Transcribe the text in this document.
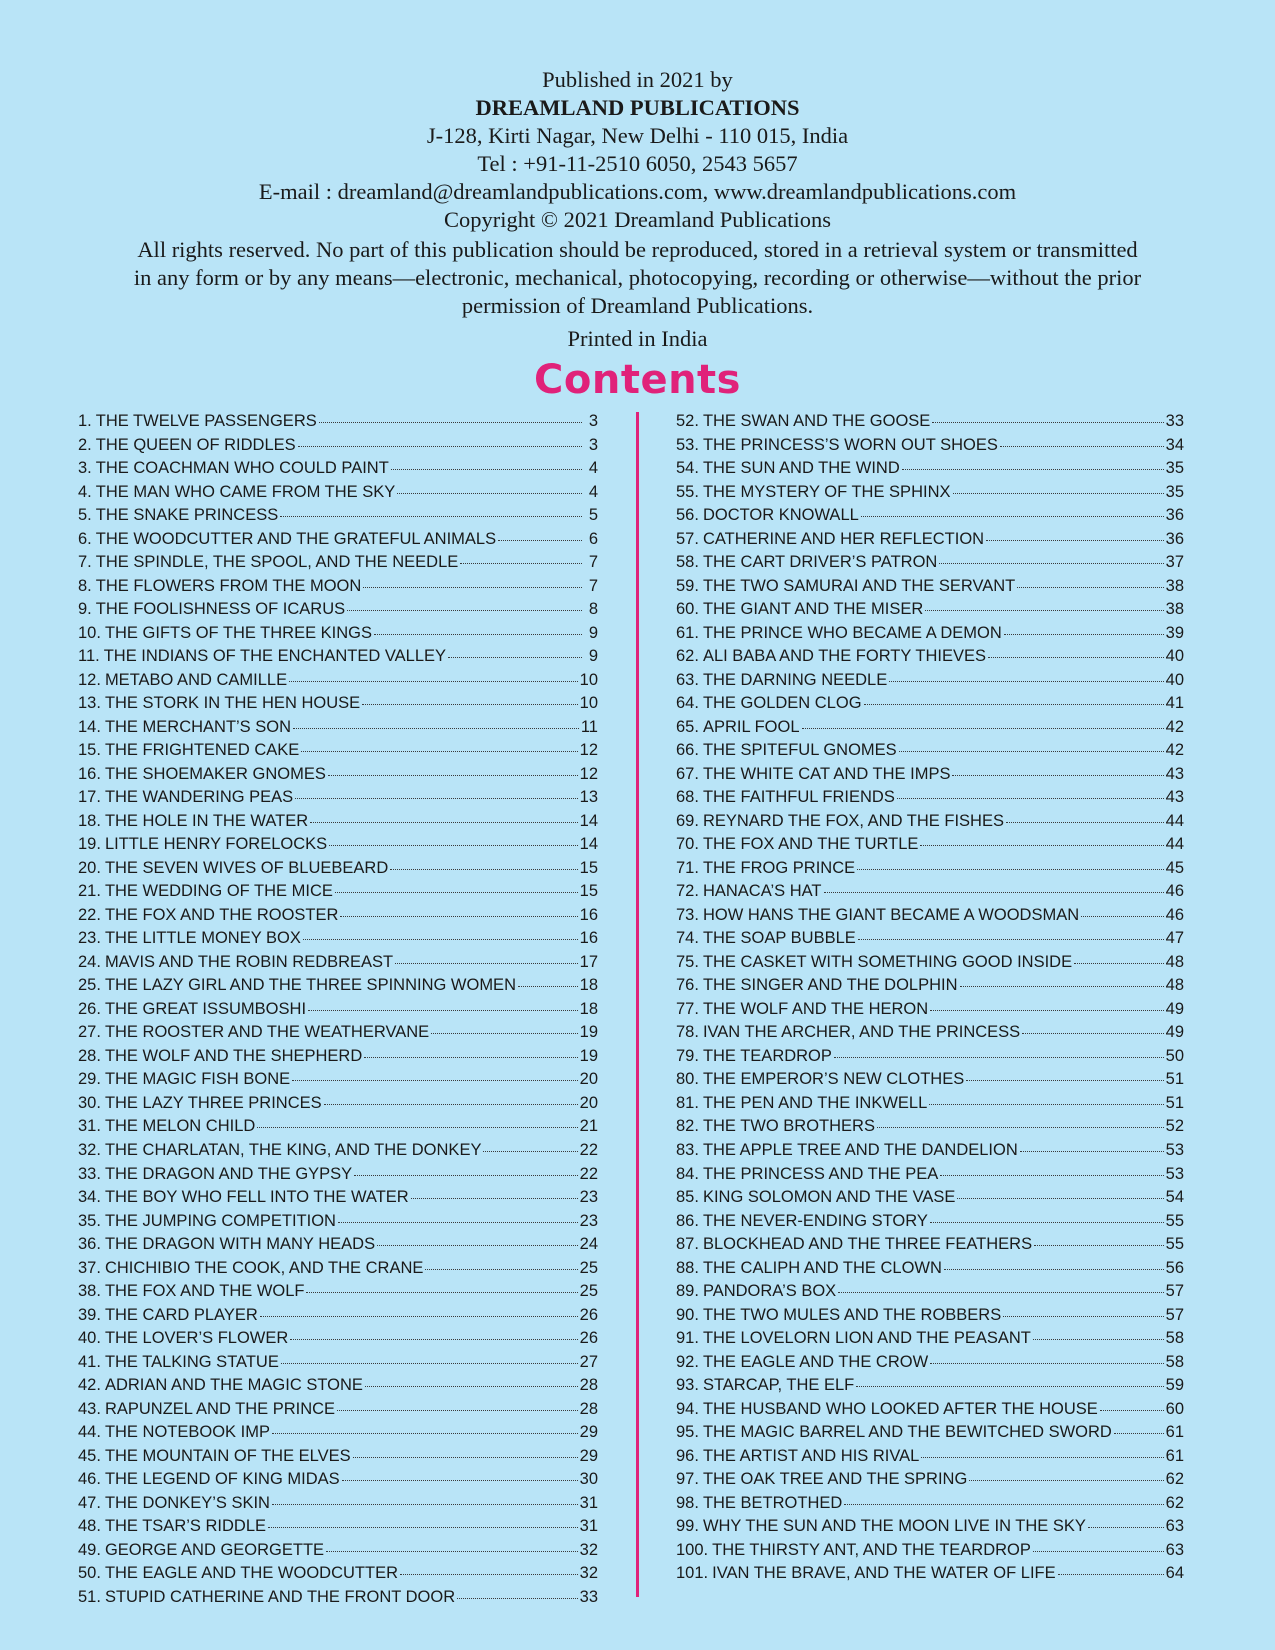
Published in 2021 by
DREAMLAND PUBLICATIONS
J-128, Kirti Nagar, New Delhi - 110 015, India
Tel : +91-11-2510 6050, 2543 5657
E-mail : dreamland@dreamlandpublications.com, www.dreamlandpublications.com
Copyright © 2021 Dreamland Publications
All rights reserved. No part of this publication should be reproduced, stored in a retrieval system or transmitted
in any form or by any means—electronic, mechanical, photocopying, recording or otherwise—without the prior
permission of Dreamland Publications.
Printed in India
Contents
1. THE TWELVE PASSENGERS	3
2. THE QUEEN OF RIDDLES	3
3. THE COACHMAN WHO COULD PAINT	4
4. THE MAN WHO CAME FROM THE SKY	4
5. THE SNAKE PRINCESS	5
6. THE WOODCUTTER AND THE GRATEFUL ANIMALS	6
7. THE SPINDLE, THE SPOOL, AND THE NEEDLE	7
8. THE FLOWERS FROM THE MOON	7
9. THE FOOLISHNESS OF ICARUS	8
10. THE GIFTS OF THE THREE KINGS	9
11. THE INDIANS OF THE ENCHANTED VALLEY	9
12. METABO AND CAMILLE	10
13. THE STORK IN THE HEN HOUSE	10
14. THE MERCHANT’S SON	11
15. THE FRIGHTENED CAKE	12
16. THE SHOEMAKER GNOMES	12
17. THE WANDERING PEAS	13
18. THE HOLE IN THE WATER	14
19. LITTLE HENRY FORELOCKS	14
20. THE SEVEN WIVES OF BLUEBEARD	15
21. THE WEDDING OF THE MICE	15
22. THE FOX AND THE ROOSTER	16
23. THE LITTLE MONEY BOX	16
24. MAVIS AND THE ROBIN REDBREAST	17
25. THE LAZY GIRL AND THE THREE SPINNING WOMEN	18
26. THE GREAT ISSUMBOSHI	18
27. THE ROOSTER AND THE WEATHERVANE	19
28. THE WOLF AND THE SHEPHERD	19
29. THE MAGIC FISH BONE	20
30. THE LAZY THREE PRINCES	20
31. THE MELON CHILD	21
32. THE CHARLATAN, THE KING, AND THE DONKEY	22
33. THE DRAGON AND THE GYPSY	22
34. THE BOY WHO FELL INTO THE WATER	23
35. THE JUMPING COMPETITION	23
36. THE DRAGON WITH MANY HEADS	24
37. CHICHIBIO THE COOK, AND THE CRANE	25
38. THE FOX AND THE WOLF	25
39. THE CARD PLAYER	26
40. THE LOVER’S FLOWER	26
41. THE TALKING STATUE	27
42. ADRIAN AND THE MAGIC STONE	28
43. RAPUNZEL AND THE PRINCE	28
44. THE NOTEBOOK IMP	29
45. THE MOUNTAIN OF THE ELVES	29
46. THE LEGEND OF KING MIDAS	30
47. THE DONKEY’S SKIN	31
48. THE TSAR’S RIDDLE	31
49. GEORGE AND GEORGETTE	32
50. THE EAGLE AND THE WOODCUTTER	32
51. STUPID CATHERINE AND THE FRONT DOOR	33
52. THE SWAN AND THE GOOSE	33
53. THE PRINCESS’S WORN OUT SHOES	34
54. THE SUN AND THE WIND	35
55. THE MYSTERY OF THE SPHINX	35
56. DOCTOR KNOWALL	36
57. CATHERINE AND HER REFLECTION	36
58. THE CART DRIVER’S PATRON	37
59. THE TWO SAMURAI AND THE SERVANT	38
60. THE GIANT AND THE MISER	38
61. THE PRINCE WHO BECAME A DEMON	39
62. ALI BABA AND THE FORTY THIEVES	40
63. THE DARNING NEEDLE	40
64. THE GOLDEN CLOG	41
65. APRIL FOOL	42
66. THE SPITEFUL GNOMES	42
67. THE WHITE CAT AND THE IMPS	43
68. THE FAITHFUL FRIENDS	43
69. REYNARD THE FOX, AND THE FISHES	44
70. THE FOX AND THE TURTLE	44
71. THE FROG PRINCE	45
72. HANACA’S HAT	46
73. HOW HANS THE GIANT BECAME A WOODSMAN	46
74. THE SOAP BUBBLE	47
75. THE CASKET WITH SOMETHING GOOD INSIDE	48
76. THE SINGER AND THE DOLPHIN	48
77. THE WOLF AND THE HERON	49
78. IVAN THE ARCHER, AND THE PRINCESS	49
79. THE TEARDROP	50
80. THE EMPEROR’S NEW CLOTHES	51
81. THE PEN AND THE INKWELL	51
82. THE TWO BROTHERS	52
83. THE APPLE TREE AND THE DANDELION	53
84. THE PRINCESS AND THE PEA	53
85. KING SOLOMON AND THE VASE	54
86. THE NEVER-ENDING STORY	55
87. BLOCKHEAD AND THE THREE FEATHERS	55
88. THE CALIPH AND THE CLOWN	56
89. PANDORA’S BOX	57
90. THE TWO MULES AND THE ROBBERS	57
91. THE LOVELORN LION AND THE PEASANT	58
92. THE EAGLE AND THE CROW	58
93. STARCAP, THE ELF	59
94. THE HUSBAND WHO LOOKED AFTER THE HOUSE	60
95. THE MAGIC BARREL AND THE BEWITCHED SWORD	61
96. THE ARTIST AND HIS RIVAL	61
97. THE OAK TREE AND THE SPRING	62
98. THE BETROTHED	62
99. WHY THE SUN AND THE MOON LIVE IN THE SKY	63
100. THE THIRSTY ANT, AND THE TEARDROP	63
101. IVAN THE BRAVE, AND THE WATER OF LIFE	64
